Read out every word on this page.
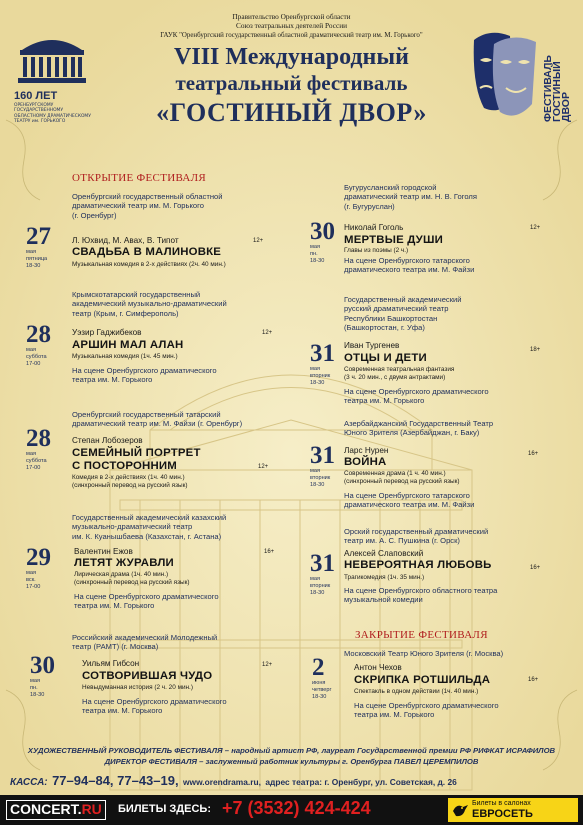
Правительство Оренбургской области
Союз театральных деятелей России
ГАУК "Оренбургский государственный областной драматический театр им. М. Горького"
VIII Международный
театральный фестиваль
«ГОСТИНЫЙ ДВОР»
160 ЛЕТ
ОРЕНБУРГСКОМУ ГОСУДАРСТВЕННОМУ ОБЛАСТНОМУ ДРАМАТИЧЕСКОМУ ТЕАТРУ им. ГОРЬКОГО	ФЕСТИВАЛЬ
ГОСТИНЫЙ
ДВОР
ОТКРЫТИЕ ФЕСТИВАЛЯ
ЗАКРЫТИЕ ФЕСТИВАЛЯ
Оренбургский государственный областной
драматический театр им. М. Горького
(г. Оренбург)
27
мая
пятница
18-30
Л. Юхвид, М. Авах, В. Типот
СВАДЬБА В МАЛИНОВКЕ
12+
Музыкальная комедия в 2-х действиях (2ч. 40 мин.)
Крымскотатарский государственный
академический музыкально-драматический
театр (Крым, г. Симферополь)
28
мая
суббота
17-00
Уэзир Гаджибеков
АРШИН МАЛ АЛАН
12+
Музыкальная комедия (1ч. 45 мин.)
На сцене Оренбургского драматического
театра им. М. Горького
Оренбургский государственный татарский
драматический театр им. М. Файзи (г. Оренбург)
28
мая
суббота
17-00
Степан Лобозеров
СЕМЕЙНЫЙ ПОРТРЕТ
С ПОСТОРОННИМ	12+
Комедия в 2-х действиях (1ч. 40 мин.)
(синхронный перевод на русский язык)
Государственный академический казахский
музыкально-драматический театр
им. К. Куанышбаева (Казахстан, г. Астана)
29
мая
вск.
17-00
Валентин Ежов
ЛЕТЯТ ЖУРАВЛИ
16+
Лирическая драма (1ч. 40 мин.)
(синхронный перевод на русский язык)
На сцене Оренбургского драматического
театра им. М. Горького
Российский академический Молодежный
театр (РАМТ) (г. Москва)
30
мая
пн.
18-30
Уильям Гибсон
СОТВОРИВШАЯ ЧУДО
12+
Невыдуманная история (2 ч. 20 мин.)
На сцене Оренбургского драматического
театра им. М. Горького
Бугурусланский городской
драматический театр им. Н. В. Гоголя
(г. Бугуруслан)
30
мая
пн.
18-30
Николай Гоголь
МЕРТВЫЕ ДУШИ
12+
Главы из поэмы (2 ч.)
На сцене Оренбургского татарского
драматического театра им. М. Файзи
Государственный академический
русский драматический театр
Республики Башкортостан
(Башкортостан, г. Уфа)
31
мая
вторник
18-30
Иван Тургенев
ОТЦЫ И ДЕТИ
18+
Современная театральная фантазия
(3 ч. 20 мин., с двумя антрактами)
На сцене Оренбургского драматического
театра им. М. Горького
Азербайджанский Государственный Театр
Юного Зрителя (Азербайджан, г. Баку)
31
мая
вторник
18-30
Ларс Нурен
ВОЙНА
16+
Современная драма (1 ч. 40 мин.)
(синхронный перевод на русский язык)
На сцене Оренбургского татарского
драматического театра им. М. Файзи
Орский государственный драматический
театр им. А. С. Пушкина (г. Орск)
31
мая
вторник
18-30
Алексей Слаповский
НЕВЕРОЯТНАЯ ЛЮБОВЬ	16+
Трагикомедия (1ч. 35 мин.)
На сцене Оренбургского областного театра
музыкальной комедии
Московский Театр Юного Зрителя (г. Москва)
2
июня
четверг
18-30
Антон Чехов
СКРИПКА РОТШИЛЬДА	16+
Спектакль в одном действии (1ч. 40 мин.)
На сцене Оренбургского драматического
театра им. М. Горького
ХУДОЖЕСТВЕННЫЙ РУКОВОДИТЕЛЬ ФЕСТИВАЛЯ – народный артист РФ, лауреат Государственной премии РФ РИФКАТ ИСРАФИЛОВ
ДИРЕКТОР ФЕСТИВАЛЯ – заслуженный работник культуры г. Оренбурга ПАВЕЛ ЦЕРЕМПИЛОВ
КАССА: 77–94–84, 77–43–19, www.orendrama.ru, адрес театра: г. Оренбург, ул. Советская, д. 26
CONCERT.RU	БИЛЕТЫ ЗДЕСЬ: +7 (3532) 424-424	Билеты в салонах
ЕВРОСЕТЬ
